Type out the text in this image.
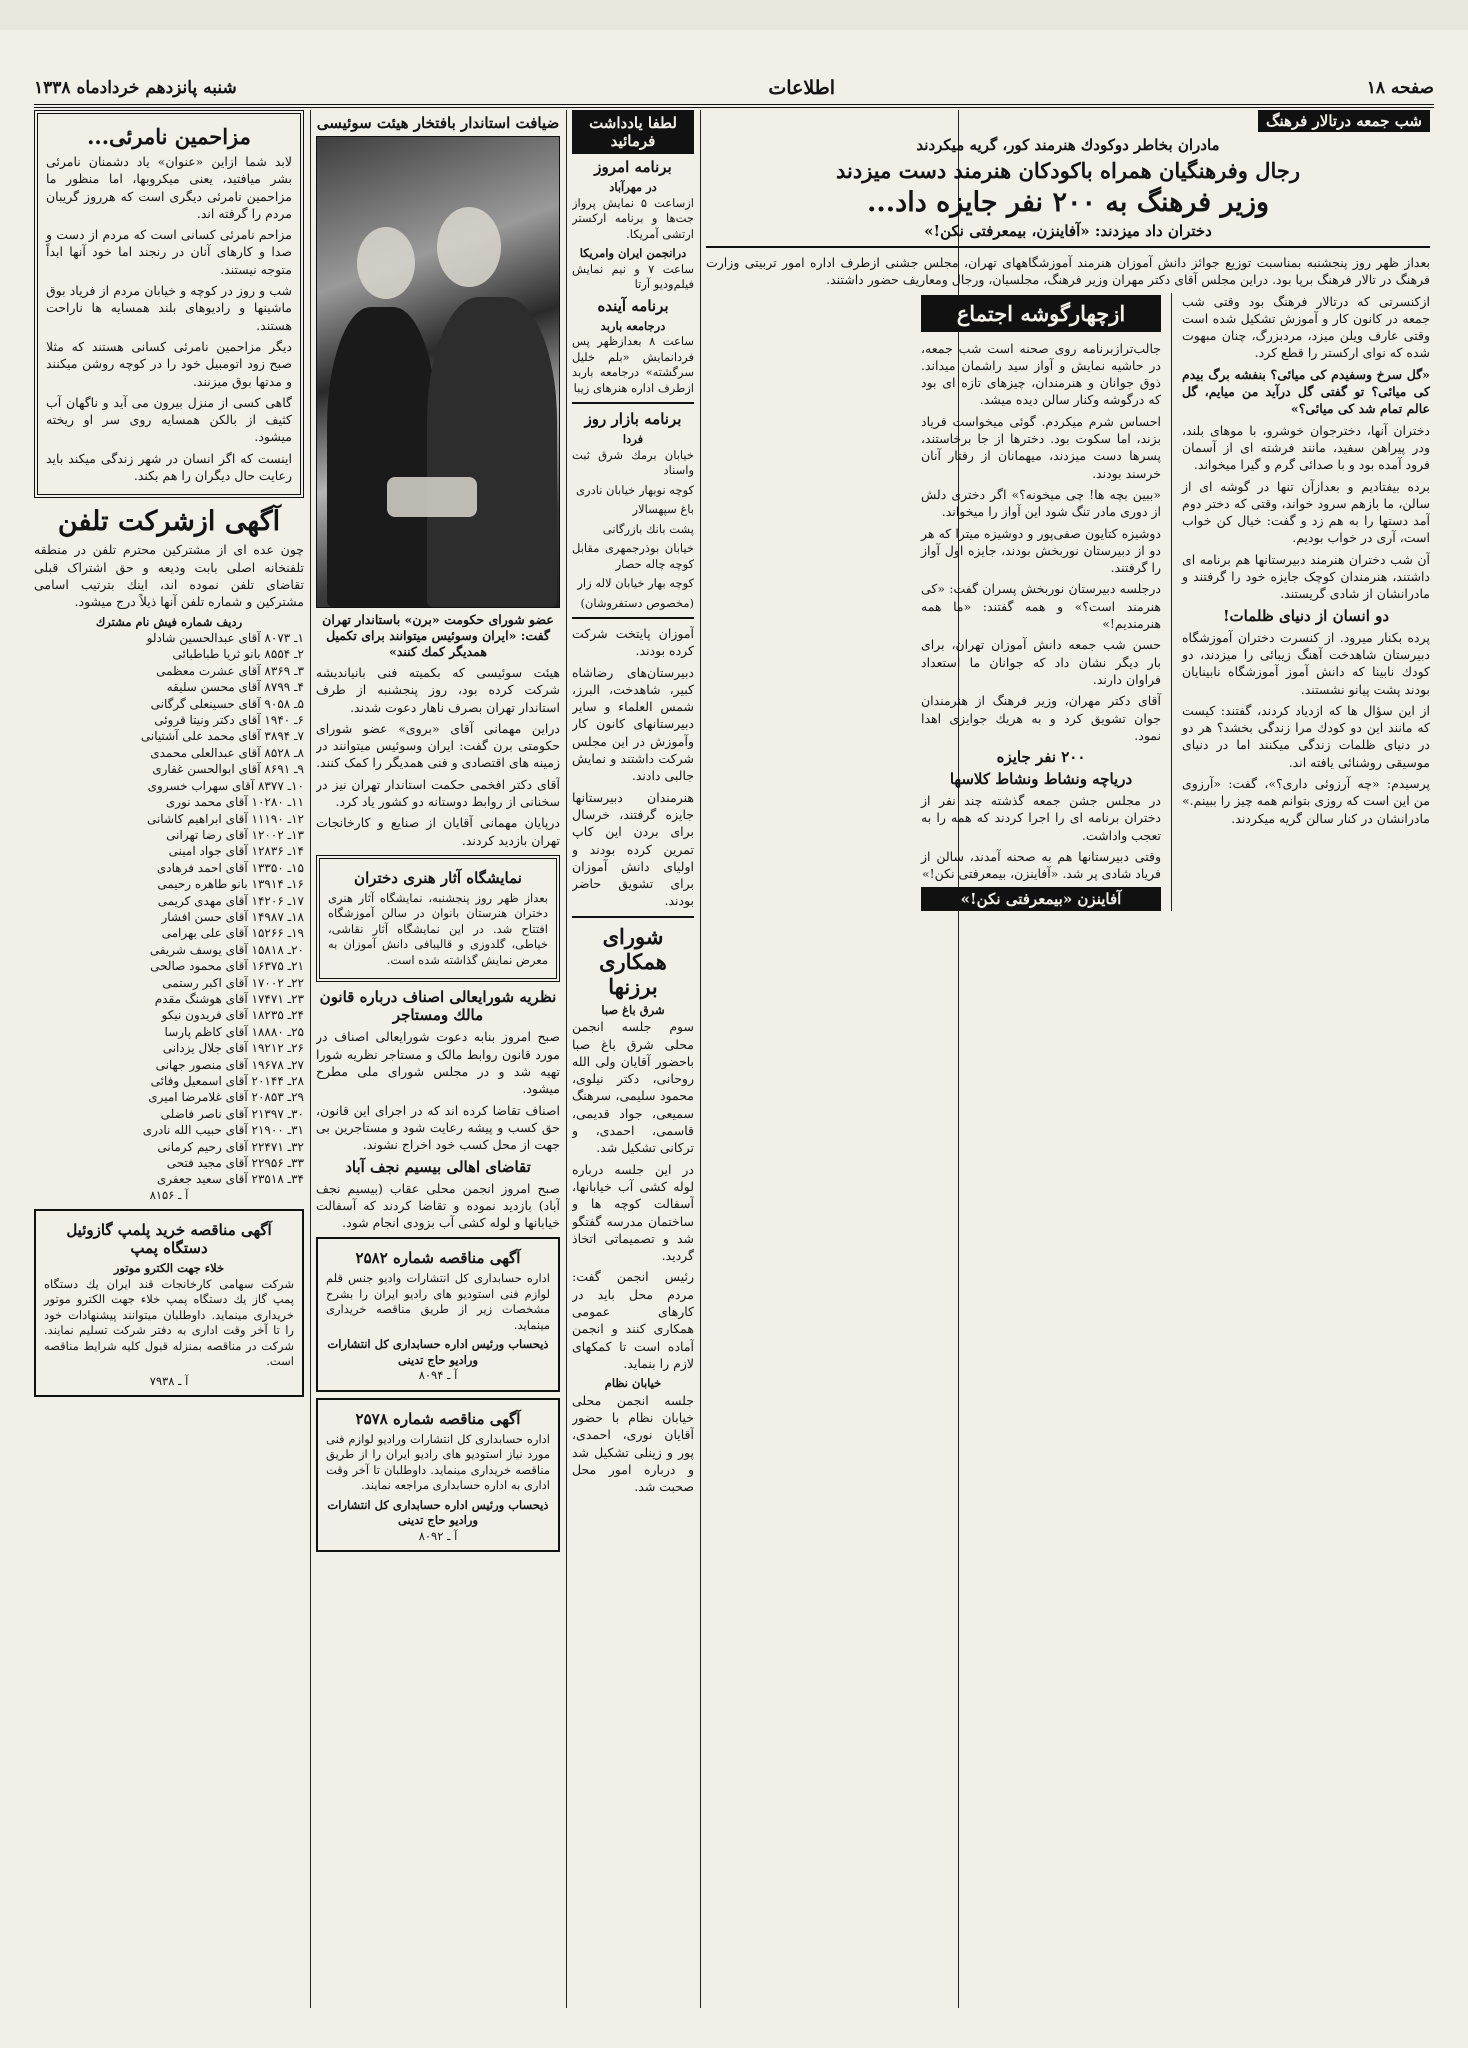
صفحه ۱۸
اطلاعات
شنبه پانزدهم خردادماه ۱۳۳۸
شب جمعه درتالار فرهنگ
مادران بخاطر دوکودك هنرمند کور، گریه میکردند
رجال وفرهنگیان همراه باکودکان هنرمند دست میزدند
وزیر فرهنگ به ۲۰۰ نفر جایزه داد...
دختران داد میزدند: «آفاینزن، بیمعرفتی نکن!»

بعداز ظهر روز پنجشنبه بمناسبت توزیع جوائز دانش آموزان هنرمند آموزشگاههای تهران، مجلس جشنی ازطرف اداره امور تربیتی وزارت فرهنگ در تالار فرهنگ برپا بود. دراین مجلس آقای دکتر مهران وزیر فرهنگ، مجلسیان، ورجال ومعاریف حضور داشتند.

ازکنسرتی که درتالار فرهنگ بود وقتی شب جمعه در کانون کار و آموزش تشکیل شده است وقتی عارف ویلن میزد، مردبزرگ، چنان مبهوت شده که نوای ارکستر را قطع کرد.

«گل سرخ وسفیدم کی میائی؟ بنفشه برگ بیدم کی میائی؟ تو گفتی گل درآید من میایم، گل عالم تمام شد کی میائی؟»

دختران آنها، دخترجوان خوشرو، با موهای بلند، ودر پیراهن سفید، مانند فرشته ای از آسمان فرود آمده بود و با صدائی گرم و گیرا میخواند.

برده بیفتادیم و بعدازآن تنها در گوشه ای از سالن، ما بازهم سرود خواند، وقتی که دختر دوم آمد دستها را به هم زد و گفت: خیال کن خواب است، آری در خواب بودیم.

آن شب دختران هنرمند دبیرستانها هم برنامه ای داشتند، هنرمندان کوچک جایزه خود را گرفتند و مادرانشان از شادی گریستند.

دو انسان از دنیای ظلمات!

پرده بکنار میرود. از کنسرت دختران آموزشگاه دبیرستان شاهدخت آهنگ زیبائی را میزدند، دو کودك نابینا که دانش آموز آموزشگاه نابینایان بودند پشت پیانو نشستند.

از این سؤال ها که ازدیاد کردند، گفتند: کیست که مانند این دو کودك مرا زندگی بخشد؟ هر دو در دنیای ظلمات زندگی میکنند اما در دنیای موسیقی روشنائی یافته اند.

پرسیدم: «چه آرزوئی داری؟»، گفت: «آرزوی من این است که روزی بتوانم همه چیز را ببینم.» مادرانشان در کنار سالن گریه میکردند.

ازچهارگوشه اجتماع

جالب‌ترازبرنامه روی صحنه است شب جمعه، در حاشیه نمایش و آواز سید راشمان میداند. ذوق جوانان و هنرمندان، چیزهای تازه ای بود که درگوشه وکنار سالن دیده میشد.

احساس شرم میکردم. گوئی میخواست فریاد بزند، اما سکوت بود. دخترها از جا برخاستند، پسرها دست میزدند، میهمانان از رفتار آنان خرسند بودند.

«ببین بچه ها! چی میخونه؟» اگر دختری دلش از دوری مادر تنگ شود این آواز را میخواند.

دوشیزه کتایون صفی‌پور و دوشیزه میترا که هر دو از دبیرستان نوربخش بودند، جایزه اول آواز را گرفتند.

درجلسه دبیرستان نوربخش پسران گفت: «کی هنرمند است؟» و همه گفتند: «ما همه هنرمندیم!»

حسن شب جمعه دانش آموزان تهران، برای بار دیگر نشان داد که جوانان ما استعداد فراوان دارند.

آقای دکتر مهران، وزیر فرهنگ از هنرمندان جوان تشویق کرد و به هریك جوایزی اهدا نمود.

۲۰۰ نفر جایزه
دریاچه ونشاط ونشاط کلاسها

در مجلس جشن جمعه گذشته چند نفر از دختران برنامه ای را اجرا کردند که همه را به تعجب واداشت.

وقتی دبیرستانها هم به صحنه آمدند، سالن از فریاد شادی پر شد. «آفاینزن، بیمعرفتی نکن!»

آفاینزن «بیمعرفتی نکن!»
لطفا یادداشت فرمائید
برنامه امروز
در مهرآباد

ازساعت ۵ نمایش پرواز جت‌ها و برنامه ارکستر ارتشی آمریکا.

درانجمن ایران وامریکا

ساعت ۷ و نیم نمایش فیلم‌ودیو آرتا

برنامه آینده
درجامعه باربد

ساعت ۸ بعدازظهر پس فردانمایش «بلم خلیل سرگشته» درجامعه باربد ازطرف اداره هنرهای زیبا

برنامه بازار روز
فردا

خیابان برمك شرق ثبت واسناد

کوچه نوبهار خیابان نادری

باغ سپهسالار

پشت بانك بازرگانی

خیابان بوذرجمهری مقابل کوچه چاله حصار

کوچه بهار خیابان لاله زار

(مخصوص دستفروشان)

آموزان پایتخت شرکت کرده بودند.

دبیرستان‌های رضاشاه کبیر، شاهدخت، البرز، شمس العلماء و سایر دبیرستانهای کانون کار وآموزش در این مجلس شرکت داشتند و نمایش جالبی دادند.

هنرمندان دبیرستانها جایزه گرفتند، خرسال برای بردن این کاپ تمرین کرده بودند و اولیای دانش آموزان برای تشویق حاضر بودند.

شورای همکاری برزنها
شرق باغ صبا

سوم جلسه انجمن محلی شرق باغ صبا باحضور آقایان ولی الله روحانی، دکتر نیلوی، محمود سلیمی، سرهنگ سمیعی، جواد قدیمی، قاسمی، احمدی، و ترکانی تشکیل شد.

در این جلسه درباره لوله کشی آب خیابانها، آسفالت کوچه ها و ساختمان مدرسه گفتگو شد و تصمیماتی اتخاذ گردید.

رئیس انجمن گفت: مردم محل باید در کارهای عمومی همکاری کنند و انجمن آماده است تا کمکهای لازم را بنماید.

خیابان نظام

جلسه انجمن محلی خیابان نظام با حضور آقایان نوری، احمدی، پور و زینلی تشکیل شد و درباره امور محل صحبت شد.

ضیافت استاندار بافتخار هیئت سوئیسی
عضو شورای حکومت «برن» باستاندار تهران گفت: «ایران وسوئیس میتوانند برای تکمیل همدیگر کمك کنند»

هیئت سوئیسی که بکمیته فنی بانیاندیشه شرکت کرده بود، روز پنجشنبه از طرف استاندار تهران بصرف ناهار دعوت شدند.

دراین مهمانی آقای «بروی» عضو شورای حکومتی برن گفت: ایران وسوئیس میتوانند در زمینه های اقتصادی و فنی همدیگر را کمک کنند.

آقای دکتر افخمی حکمت استاندار تهران نیز در سخنانی از روابط دوستانه دو کشور یاد کرد.

درپایان مهمانی آقایان از صنایع و کارخانجات تهران بازدید کردند.

نمایشگاه آثار هنری دختران

بعداز ظهر روز پنجشنبه، نمایشگاه آثار هنری دختران هنرستان بانوان در سالن آموزشگاه افتتاح شد. در این نمایشگاه آثار نقاشی، خیاطی، گلدوزی و قالیبافی دانش آموزان به معرض نمایش گذاشته شده است.

نظریه شورایعالی اصناف درباره قانون مالك ومستاجر

صبح امروز بنابه دعوت شورایعالی اصناف در مورد قانون روابط مالک و مستاجر نظریه شورا تهیه شد و در مجلس شورای ملی مطرح میشود.

اصناف تقاضا کرده اند که در اجرای این قانون، حق کسب و پیشه رعایت شود و مستاجرین بی جهت از محل کسب خود اخراج نشوند.

تقاضای اهالی بیسیم نجف آباد

صبح امروز انجمن محلی عقاب (بیسیم نجف آباد) بازدید نموده و تقاضا کردند که آسفالت خیابانها و لوله کشی آب بزودی انجام شود.

آگهی مناقصه شماره ۲۵۸۲

اداره حسابداری کل انتشارات وادیو جنس قلم لوازم فنی استودیو های رادیو ایران را بشرح مشخصات زیر از طریق مناقصه خریداری مینماید.

ذیحساب ورئیس اداره حسابداری کل انتشارات ورادیو حاج تدینی
آ ـ ۸۰۹۴
آگهی مناقصه شماره ۲۵۷۸

اداره حسابداری کل انتشارات ورادیو لوازم فنی مورد نیاز استودیو های رادیو ایران را از طریق مناقصه خریداری مینماید. داوطلبان تا آخر وقت اداری به اداره حسابداری مراجعه نمایند.

ذیحساب ورئیس اداره حسابداری کل انتشارات ورادیو حاج تدینی
آ ـ ۸۰۹۲
مزاحمین نامرئی...

لابد شما ازاین «عنوان» یاد دشمنان نامرئی بشر میافتید، یعنی میکروبها، اما منظور ما مزاحمین نامرئی دیگری است که هرروز گریبان مردم را گرفته اند.

مزاحم نامرئی کسانی است که مردم از دست و صدا و کارهای آنان در رنجند اما خود آنها ابداً متوجه نیستند.

شب و روز در کوچه و خیابان مردم از فریاد بوق ماشینها و رادیوهای بلند همسایه ها ناراحت هستند.

دیگر مزاحمین نامرئی کسانی هستند که مثلا صبح زود اتومبیل خود را در کوچه روشن میکنند و مدتها بوق میزنند.

گاهی کسی از منزل بیرون می آید و ناگهان آب کثیف از بالکن همسایه روی سر او ریخته میشود.

اینست که اگر انسان در شهر زندگی میکند باید رعایت حال دیگران را هم بکند.

آگهی ازشرکت تلفن

چون عده ای از مشترکین محترم تلفن در منطقه تلفنخانه اصلی بابت ودیعه و حق اشتراک قبلی تقاضای تلفن نموده اند، اینك بترتیب اسامی مشترکین و شماره تلفن آنها ذیلاً درج میشود.

ردیف شماره فیش نام مشترك
۱ـ ۸۰۷۳ آقای عبدالحسین شادلو
۲ـ ۸۵۵۴ بانو ثریا طباطبائی
۳ـ ۸۳۶۹ آقای عشرت معظمی
۴ـ ۸۷۹۹ آقای محسن سلیقه
۵ـ ۹۰۵۸ آقای حسینعلی گرگانی
۶ـ ۱۹۴۰ آقای دکتر ونیتا قروئی
۷ـ ۳۸۹۴ آقای محمد علی آشتیانی
۸ـ ۸۵۲۸ آقای عبدالعلی محمدی
۹ـ ۸۶۹۱ آقای ابوالحسن غفاری
۱۰ـ ۸۳۷۷ آقای سهراب خسروی
۱۱ـ ۱۰۲۸۰ آقای محمد نوری
۱۲ـ ۱۱۱۹۰ آقای ابراهیم کاشانی
۱۳ـ ۱۲۰۰۲ آقای رضا تهرانی
۱۴ـ ۱۲۸۳۶ آقای جواد امینی
۱۵ـ ۱۳۳۵۰ آقای احمد فرهادی
۱۶ـ ۱۳۹۱۴ بانو طاهره رحیمی
۱۷ـ ۱۴۲۰۶ آقای مهدی کریمی
۱۸ـ ۱۴۹۸۷ آقای حسن افشار
۱۹ـ ۱۵۲۶۶ آقای علی بهرامی
۲۰ـ ۱۵۸۱۸ آقای یوسف شریفی
۲۱ـ ۱۶۳۷۵ آقای محمود صالحی
۲۲ـ ۱۷۰۰۲ آقای اکبر رستمی
۲۳ـ ۱۷۴۷۱ آقای هوشنگ مقدم
۲۴ـ ۱۸۲۳۵ آقای فریدون نیکو
۲۵ـ ۱۸۸۸۰ آقای کاظم پارسا
۲۶ـ ۱۹۲۱۲ آقای جلال یزدانی
۲۷ـ ۱۹۶۷۸ آقای منصور جهانی
۲۸ـ ۲۰۱۴۴ آقای اسمعیل وفائی
۲۹ـ ۲۰۸۵۳ آقای غلامرضا امیری
۳۰ـ ۲۱۳۹۷ آقای ناصر فاضلی
۳۱ـ ۲۱۹۰۰ آقای حبیب الله نادری
۳۲ـ ۲۲۴۷۱ آقای رحیم کرمانی
۳۳ـ ۲۲۹۵۶ آقای مجید فتحی
۳۴ـ ۲۳۵۱۸ آقای سعید جعفری
آ ـ ۸۱۵۶
آگهی مناقصه خرید پلمپ گازوئیل دستگاه پمپ
خلاء جهت الکترو موتور

شرکت سهامی کارخانجات قند ایران یك دستگاه پمپ گاز یك دستگاه پمپ خلاء جهت الکترو موتور خریداری مینماید. داوطلبان میتوانند پیشنهادات خود را تا آخر وقت اداری به دفتر شرکت تسلیم نمایند. شرکت در مناقصه بمنزله قبول کلیه شرایط مناقصه است.

آ ـ ۷۹۳۸
